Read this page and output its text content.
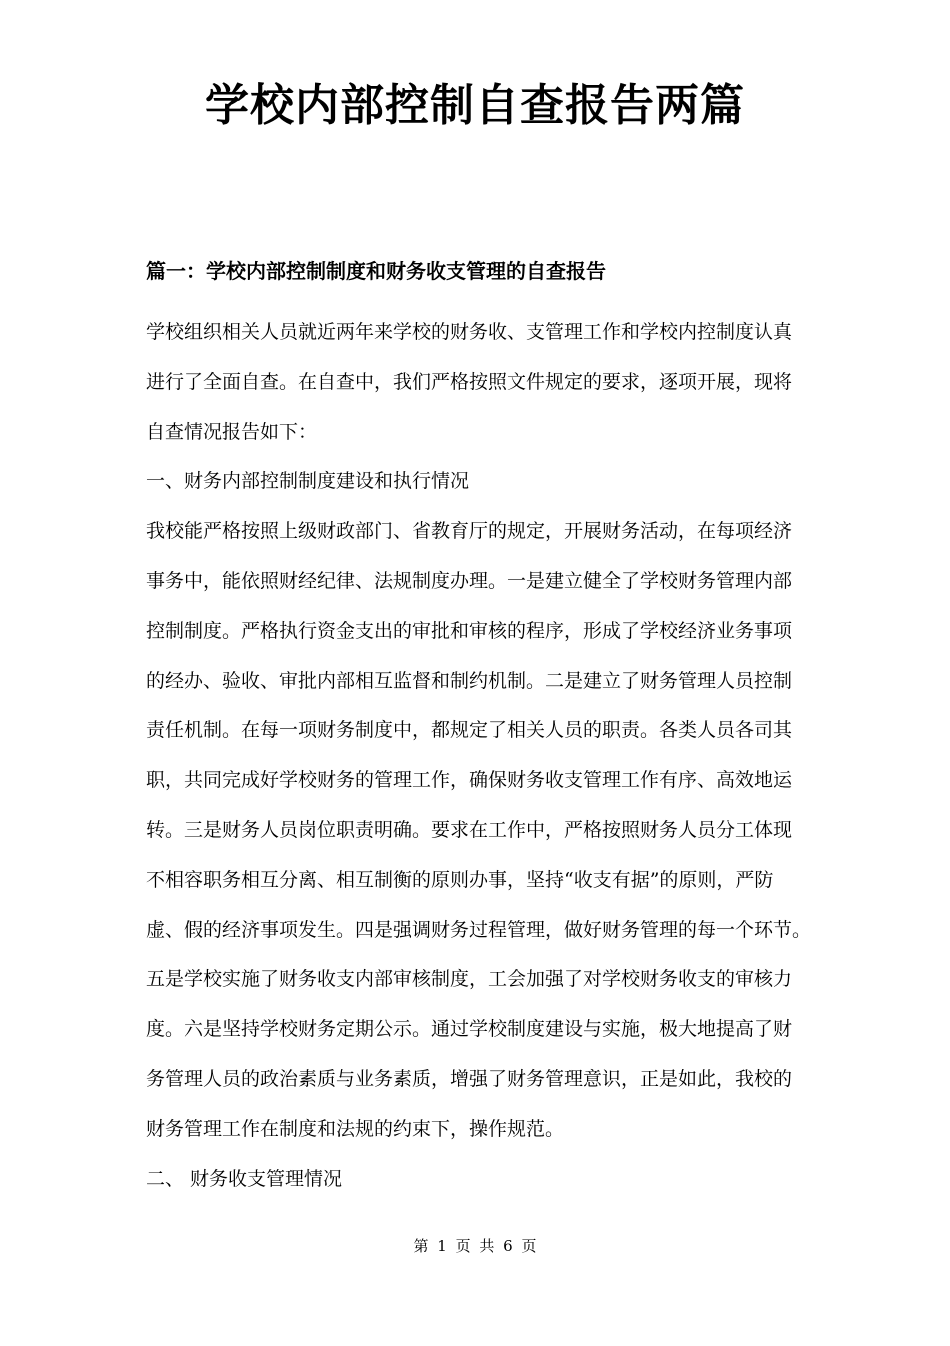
学校内部控制自查报告两篇
篇一：学校内部控制制度和财务收支管理的自查报告
学校组织相关人员就近两年来学校的财务收、支管理工作和学校内控制度认真
进行了全面自查。在自查中，我们严格按照文件规定的要求，逐项开展，现将
自查情况报告如下：
一、财务内部控制制度建设和执行情况
我校能严格按照上级财政部门、省教育厅的规定，开展财务活动，在每项经济
事务中，能依照财经纪律、法规制度办理。一是建立健全了学校财务管理内部
控制制度。严格执行资金支出的审批和审核的程序，形成了学校经济业务事项
的经办、验收、审批内部相互监督和制约机制。二是建立了财务管理人员控制
责任机制。在每一项财务制度中，都规定了相关人员的职责。各类人员各司其
职，共同完成好学校财务的管理工作，确保财务收支管理工作有序、高效地运
转。三是财务人员岗位职责明确。要求在工作中，严格按照财务人员分工体现
不相容职务相互分离、相互制衡的原则办事，坚持“收支有据”的原则，严防
虚、假的经济事项发生。四是强调财务过程管理，做好财务管理的每一个环节。
五是学校实施了财务收支内部审核制度，工会加强了对学校财务收支的审核力
度。六是坚持学校财务定期公示。通过学校制度建设与实施，极大地提高了财
务管理人员的政治素质与业务素质，增强了财务管理意识，正是如此，我校的
财务管理工作在制度和法规的约束下，操作规范。
二、 财务收支管理情况
第 1 页 共 6 页
